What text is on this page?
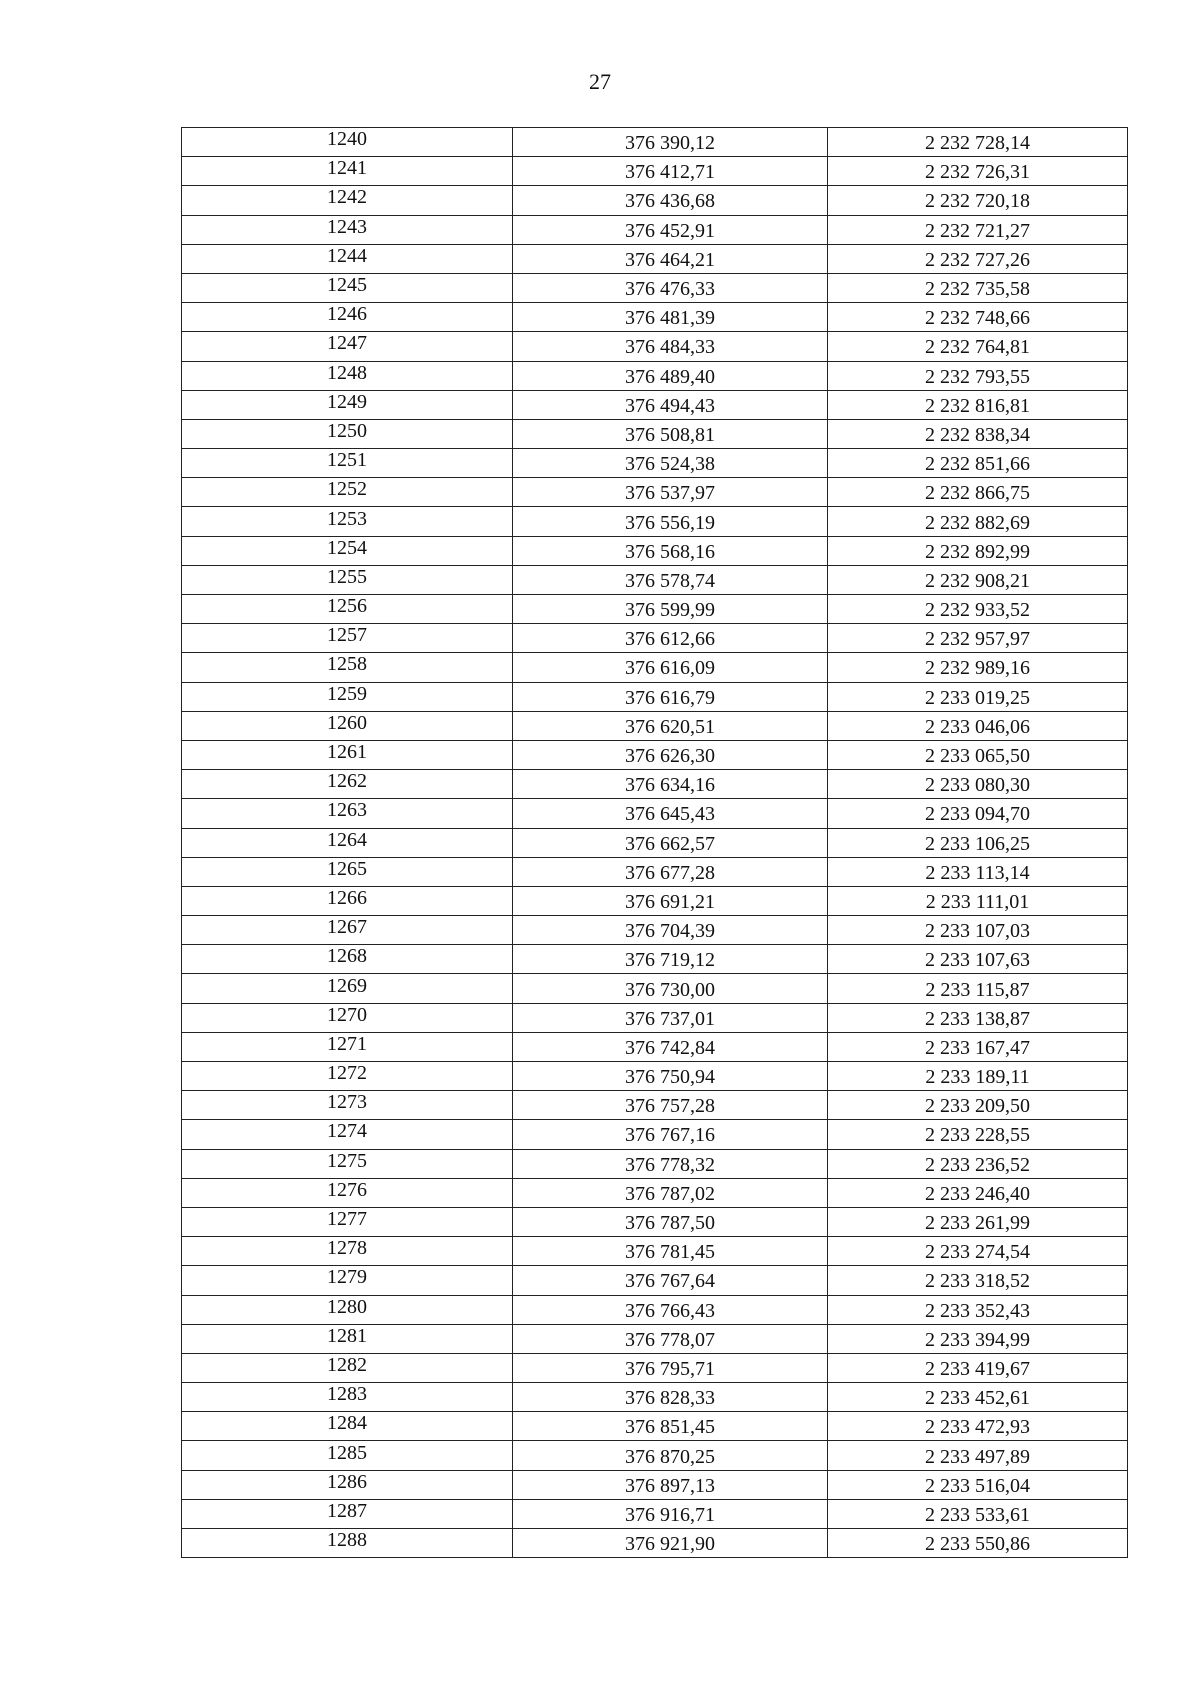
27
1240	376 390,12	2 232 728,14
1241	376 412,71	2 232 726,31
1242	376 436,68	2 232 720,18
1243	376 452,91	2 232 721,27
1244	376 464,21	2 232 727,26
1245	376 476,33	2 232 735,58
1246	376 481,39	2 232 748,66
1247	376 484,33	2 232 764,81
1248	376 489,40	2 232 793,55
1249	376 494,43	2 232 816,81
1250	376 508,81	2 232 838,34
1251	376 524,38	2 232 851,66
1252	376 537,97	2 232 866,75
1253	376 556,19	2 232 882,69
1254	376 568,16	2 232 892,99
1255	376 578,74	2 232 908,21
1256	376 599,99	2 232 933,52
1257	376 612,66	2 232 957,97
1258	376 616,09	2 232 989,16
1259	376 616,79	2 233 019,25
1260	376 620,51	2 233 046,06
1261	376 626,30	2 233 065,50
1262	376 634,16	2 233 080,30
1263	376 645,43	2 233 094,70
1264	376 662,57	2 233 106,25
1265	376 677,28	2 233 113,14
1266	376 691,21	2 233 111,01
1267	376 704,39	2 233 107,03
1268	376 719,12	2 233 107,63
1269	376 730,00	2 233 115,87
1270	376 737,01	2 233 138,87
1271	376 742,84	2 233 167,47
1272	376 750,94	2 233 189,11
1273	376 757,28	2 233 209,50
1274	376 767,16	2 233 228,55
1275	376 778,32	2 233 236,52
1276	376 787,02	2 233 246,40
1277	376 787,50	2 233 261,99
1278	376 781,45	2 233 274,54
1279	376 767,64	2 233 318,52
1280	376 766,43	2 233 352,43
1281	376 778,07	2 233 394,99
1282	376 795,71	2 233 419,67
1283	376 828,33	2 233 452,61
1284	376 851,45	2 233 472,93
1285	376 870,25	2 233 497,89
1286	376 897,13	2 233 516,04
1287	376 916,71	2 233 533,61
1288	376 921,90	2 233 550,86
